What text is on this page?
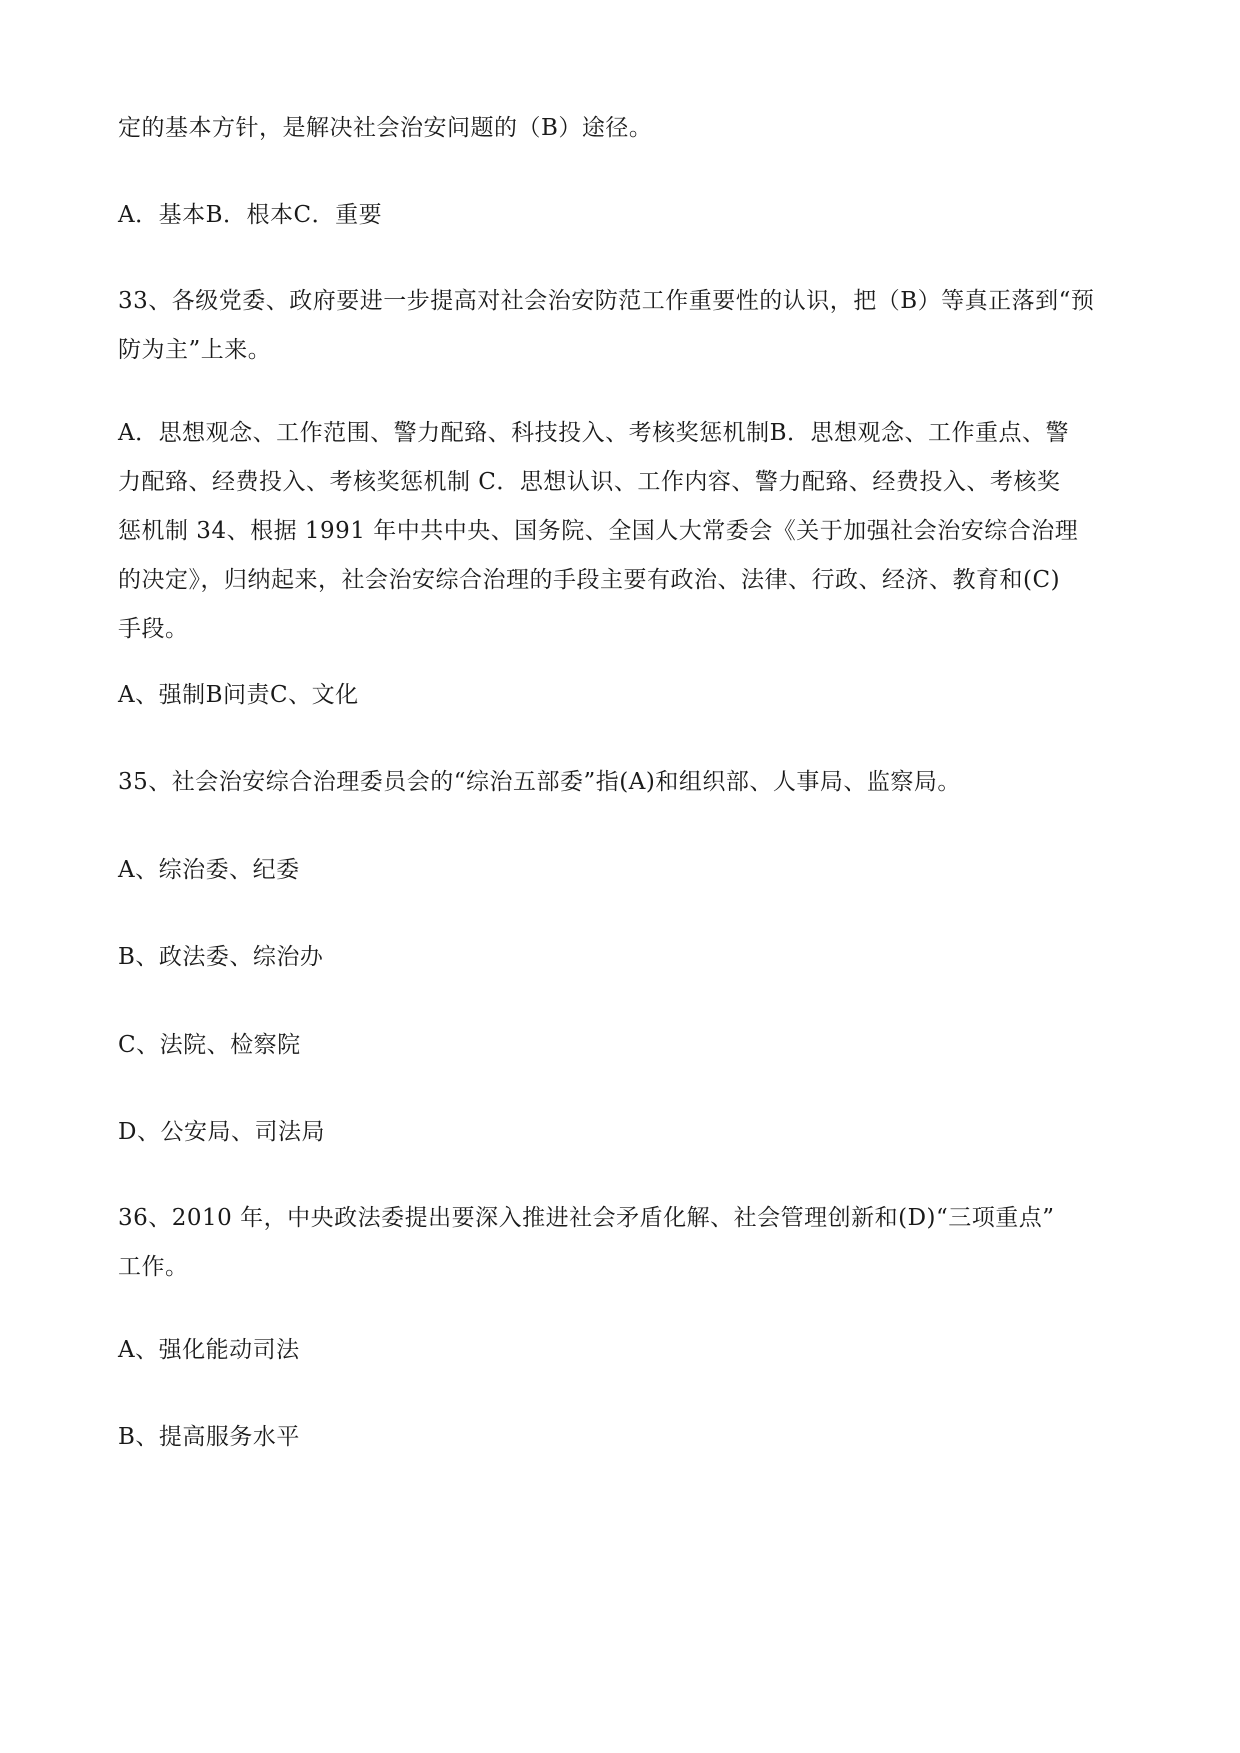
定的基本方针，是解决社会治安问题的（B）途径。
A．基本B．根本C．重要
33、各级党委、政府要进一步提高对社会治安防范工作重要性的认识，把（B）等真正落到“预
防为主”上来。
A．思想观念、工作范围、警力配臵、科技投入、考核奖惩机制B．思想观念、工作重点、警
力配臵、经费投入、考核奖惩机制 C．思想认识、工作内容、警力配臵、经费投入、考核奖
惩机制 34、根据 1991 年中共中央、国务院、全国人大常委会《关于加强社会治安综合治理
的决定》，归纳起来，社会治安综合治理的手段主要有政治、法律、行政、经济、教育和(C)
手段。
A、强制B问责C、文化
35、社会治安综合治理委员会的“综治五部委”指(A)和组织部、人事局、监察局。
A、综治委、纪委
B、政法委、综治办
C、法院、检察院
D、公安局、司法局
36、2010 年，中央政法委提出要深入推进社会矛盾化解、社会管理创新和(D)“三项重点”
工作。
A、强化能动司法
B、提高服务水平
